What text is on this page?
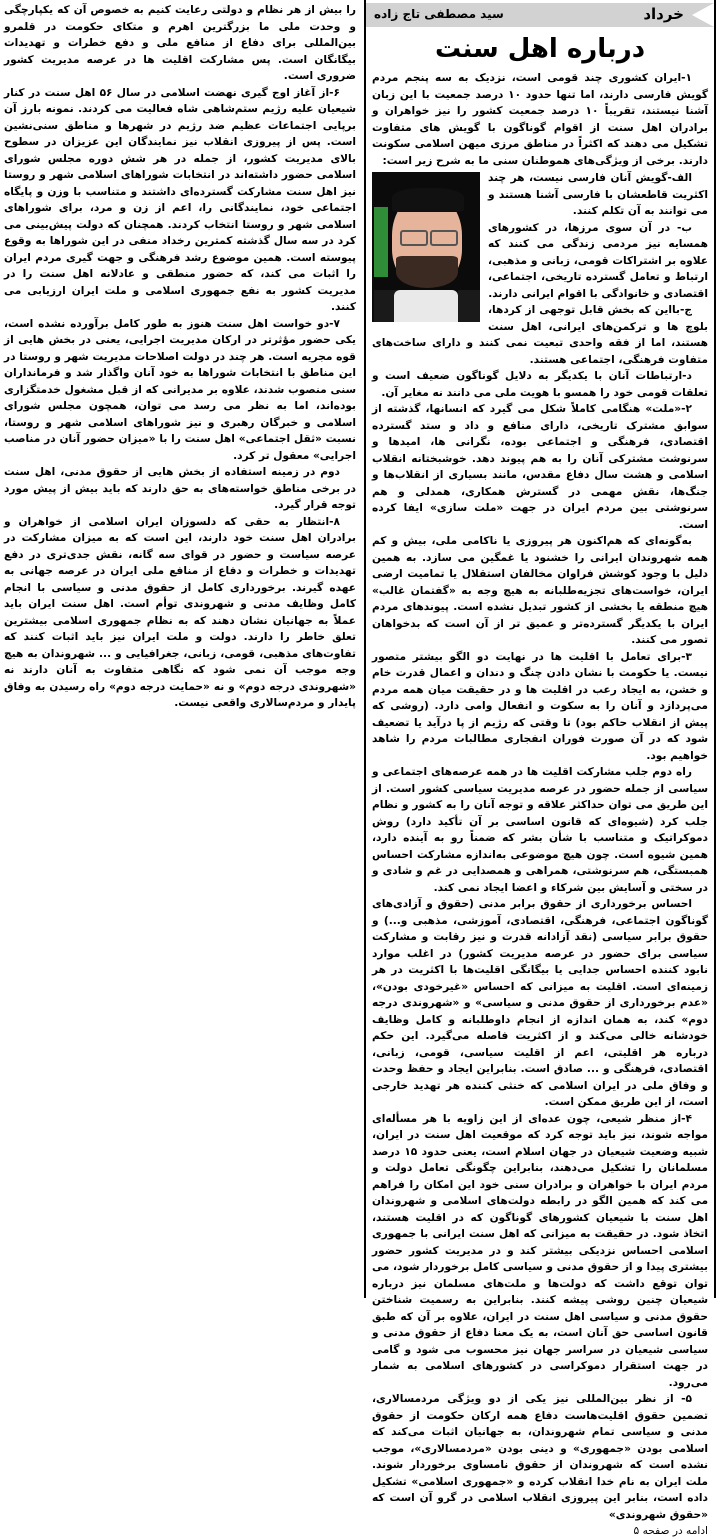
خرداد
سید مصطفی تاج زاده
درباره اهل سنت

۱-ایران کشوری چند قومی است، نزدیک به سه پنجم مردم گویش فارسی دارند، اما تنها حدود ۱۰ درصد جمعیت با این زبان آشنا نیستند، تقریباً ۱۰ درصد جمعیت کشور را نیز خواهران و برادران اهل سنت از اقوام گوناگون با گویش های متفاوت تشکیل می دهند که اکثراً در مناطق مرزی میهن اسلامی سکونت دارند. برخی از ویژگی‌های هموطنان سنی ما به شرح زیر است:

الف-گویش آنان فارسی نیست، هر چند اکثریت قاطعشان با فارسی آشنا هستند و می توانند به آن تکلم کنند.

ب- در آن سوی مرزها، در کشورهای همسایه نیز مردمی زندگی می کنند که علاوه بر اشتراکات قومی، زبانی و مذهبی، ارتباط و تعامل گسترده تاریخی، اجتماعی، اقتصادی و خانوادگی با اقوام ایرانی دارند.

ج-بااین که بخش قابل توجهی از کردها، بلوچ ها و ترکمن‌های ایرانی، اهل سنت هستند، اما از فقه واحدی تبعیت نمی کنند و دارای ساخت‌های متفاوت فرهنگی، اجتماعی هستند.

د-ارتباطات آنان با یکدیگر به دلایل گوناگون ضعیف است و تعلقات قومی خود را همسو با هویت ملی می دانند نه مغایر آن.

۲-«ملت» هنگامی کاملاً شکل می گیرد که انسانها، گذشته از سوابق مشترک تاریخی، دارای منافع و داد و ستد گسترده اقتصادی، فرهنگی و اجتماعی بوده، نگرانی ها، امیدها و سرنوشت مشترکی آنان را به هم پیوند دهد. خوشبختانه انقلاب اسلامی و هشت سال دفاع مقدس، مانند بسیاری از انقلاب‌ها و جنگ‌ها، نقش مهمی در گسترش همکاری، همدلی و هم سرنوشتی بین مردم ایران در جهت «ملت سازی» ایفا کرده است.

به‌گونه‌ای که هم‌اکنون هر پیروزی یا ناکامی ملی، بیش و کم همه شهروندان ایرانی را خشنود یا غمگین می سازد. به همین دلیل با وجود کوشش فراوان مخالفان استقلال یا تمامیت ارضی ایران، خواست‌های تجزیه‌طلبانه به هیچ وجه به «گفتمان غالب» هیچ منطقه یا بخشی از کشور تبدیل نشده است. پیوندهای مردم ایران با یکدیگر گسترده‌تر و عمیق تر از آن است که بدخواهان تصور می کنند.

۳-برای تعامل با اقلیت ها در نهایت دو الگو بیشتر متصور نیست. یا حکومت با نشان دادن چنگ و دندان و اعمال قدرت خام و خشن، به ایجاد رعب در اقلیت ها و در حقیقت میان همه مردم می‌پردازد و آنان را به سکوت و انفعال وامی دارد. (روشی که پیش از انقلاب حاکم بود) تا وقتی که رژیم از پا درآید یا تضعیف شود که در آن صورت فوران انفجاری مطالبات مردم را شاهد خواهیم بود.

راه دوم جلب مشارکت اقلیت ها در همه عرصه‌های اجتماعی و سیاسی از جمله حضور در عرصه مدیریت سیاسی کشور است. از این طریق می توان حداکثر علاقه و توجه آنان را به کشور و نظام جلب کرد (شیوه‌ای که قانون اساسی بر آن تأکید دارد) روش دموکراتیک و متناسب با شأن بشر که ضمناً رو به آینده دارد، همین شیوه است. چون هیچ موضوعی به‌اندازه مشارکت احساس همبستگی، هم سرنوشتی، همراهی و همصدایی در غم و شادی و در سختی و آسایش بین شرکاء و اعضا ایجاد نمی کند.

احساس برخورداری از حقوق برابر مدنی (حقوق و آزادی‌های گوناگون اجتماعی، فرهنگی، اقتصادی، آموزشی، مذهبی و...) و حقوق برابر سیاسی (نقد آزادانه قدرت و نیز رقابت و مشارکت سیاسی برای حضور در عرصه مدیریت کشور) در اغلب موارد نابود کننده احساس جدایی یا بیگانگی اقلیت‌ها با اکثریت در هر زمینه‌ای است. اقلیت به میزانی که احساس «غیرخودی بودن»، «عدم برخورداری از حقوق مدنی و سیاسی» و «شهروندی درجه دوم» کند، به همان اندازه از انجام داوطلبانه و کامل وظایف خودشانه خالی می‌کند و از اکثریت فاصله می‌گیرد. این حکم درباره هر اقلیتی، اعم از اقلیت سیاسی، قومی، زبانی، اقتصادی، فرهنگی و ... صادق است. بنابراین ایجاد و حفظ وحدت و وفاق ملی در ایران اسلامی که خنثی کننده هر تهدید خارجی است، از این طریق ممکن است.

۴-از منظر شیعی، چون عده‌ای از این زاویه با هر مسأله‌ای مواجه شوند، نیز باید توجه کرد که موقعیت اهل سنت در ایران، شبیه وضعیت شیعیان در جهان اسلام است، یعنی حدود ۱۵ درصد مسلمانان را تشکیل می‌دهند، بنابراین چگونگی تعامل دولت و مردم ایران با خواهران و برادران سنی خود این امکان را فراهم می کند که همین الگو در رابطه دولت‌های اسلامی و شهروندان اهل سنت با شیعیان کشورهای گوناگون که در اقلیت هستند، اتخاذ شود. در حقیقت به میزانی که اهل سنت ایرانی با جمهوری اسلامی احساس نزدیکی بیشتر کند و در مدیریت کشور حضور بیشتری پیدا و از حقوق مدنی و سیاسی کامل برخوردار شود، می توان توقع داشت که دولت‌ها و ملت‌های مسلمان نیز درباره شیعیان چنین روشی پیشه کنند. بنابراین به رسمیت شناختن حقوق مدنی و سیاسی اهل سنت در ایران، علاوه بر آن که طبق قانون اساسی حق آنان است، به یک معنا دفاع از حقوق مدنی و سیاسی شیعیان در سراسر جهان نیز محسوب می شود و گامی در جهت استقرار دموکراسی در کشورهای اسلامی به شمار می‌رود.

۵- از نظر بین‌المللی نیز یکی از دو ویژگی مردمسالاری، تضمین حقوق اقلیت‌هاست دفاع همه ارکان حکومت از حقوق مدنی و سیاسی تمام شهروندان، به جهانیان اثبات می‌کند که اسلامی بودن «جمهوری» و دینی بودن «مردمسالاری»، موجب نشده است که شهروندان از حقوق نامساوی برخوردار شوند. ملت ایران به نام خدا انقلاب کرده و «جمهوری اسلامی» تشکیل داده است، بنابر این پیروزی انقلاب اسلامی در گرو آن است که «حقوق شهروندی»

ادامه در صفحه ۵

را بیش از هر نظام و دولتی رعایت کنیم به خصوص آن که یکپارچگی و وحدت ملی ما بزرگترین اهرم و متکای حکومت در قلمرو بین‌المللی برای دفاع از منافع ملی و دفع خطرات و تهدیدات بیگانگان است. پس مشارکت اقلیت ها در عرصه مدیریت کشور ضروری است.

۶-از آغاز اوج گیری نهضت اسلامی در سال ۵۶ اهل سنت در کنار شیعیان علیه رژیم ستم‌شاهی شاه فعالیت می کردند. نمونه بارز آن برپایی اجتماعات عظیم ضد رژیم در شهرها و مناطق سنی‌نشین است. پس از پیروزی انقلاب نیز نمایندگان این عزیزان در سطوح بالای مدیریت کشور، از جمله در هر شش دوره مجلس شورای اسلامی حضور داشته‌اند در انتخابات شوراهای اسلامی شهر و روستا نیز اهل سنت مشارکت گسترده‌ای داشتند و متناسب با وزن و پایگاه اجتماعی خود، نمایندگانی را، اعم از زن و مرد، برای شوراهای اسلامی شهر و روستا انتخاب کردند. همچنان که دولت پیش‌بینی می کرد در سه سال گذشته کمترین رخداد منفی در این شوراها به وقوع پیوسته است. همین موضوع رشد فرهنگی و جهت گیری مردم ایران را اثبات می کند، که حضور منطقی و عادلانه اهل سنت را در مدیریت کشور به نفع جمهوری اسلامی و ملت ایران ارزیابی می کنند.

۷-دو خواست اهل سنت هنوز به طور کامل برآورده نشده است، یکی حضور مؤثرتر در ارکان مدیریت اجرایی، یعنی در بخش هایی از قوه مجریه است. هر چند در دولت اصلاحات مدیریت شهر و روستا در این مناطق با انتخابات شوراها به خود آنان واگذار شد و فرمانداران سنی منصوب شدند، علاوه بر مدیرانی که از قبل مشغول خدمتگزاری بوده‌اند، اما به نظر می رسد می توان، همچون مجلس شورای اسلامی و خبرگان رهبری و نیز شوراهای اسلامی شهر و روستا، نسبت «ثقل اجتماعی» اهل سنت را با «میزان حضور آنان در مناصب اجرایی» معقول تر کرد.

دوم در زمینه استفاده از بخش هایی از حقوق مدنی، اهل سنت در برخی مناطق خواسته‌های به حق دارند که باید بیش از پیش مورد توجه قرار گیرد.

۸-انتظار به حقی که دلسوزان ایران اسلامی از خواهران و برادران اهل سنت خود دارند، این است که به میزان مشارکت در عرصه سیاست و حضور در قوای سه گانه، نقش جدی‌تری در دفع تهدیدات و خطرات و دفاع از منافع ملی ایران در عرصه جهانی به عهده گیرند. برخورداری کامل از حقوق مدنی و سیاسی با انجام کامل وظایف مدنی و شهروندی توأم است. اهل سنت ایران باید عملاً به جهانیان نشان دهند که به نظام جمهوری اسلامی بیشترین تعلق خاطر را دارند. دولت و ملت ایران نیز باید اثبات کنند که تفاوت‌های مذهبی، قومی، زبانی، جغرافیایی و ... شهروندان به هیچ وجه موجب آن نمی شود که نگاهی متفاوت به آنان دارند نه «شهروندی درجه دوم» و نه «حمایت درجه دوم» راه رسیدن به وفاق پایدار و مردم‌سالاری واقعی نیست.
